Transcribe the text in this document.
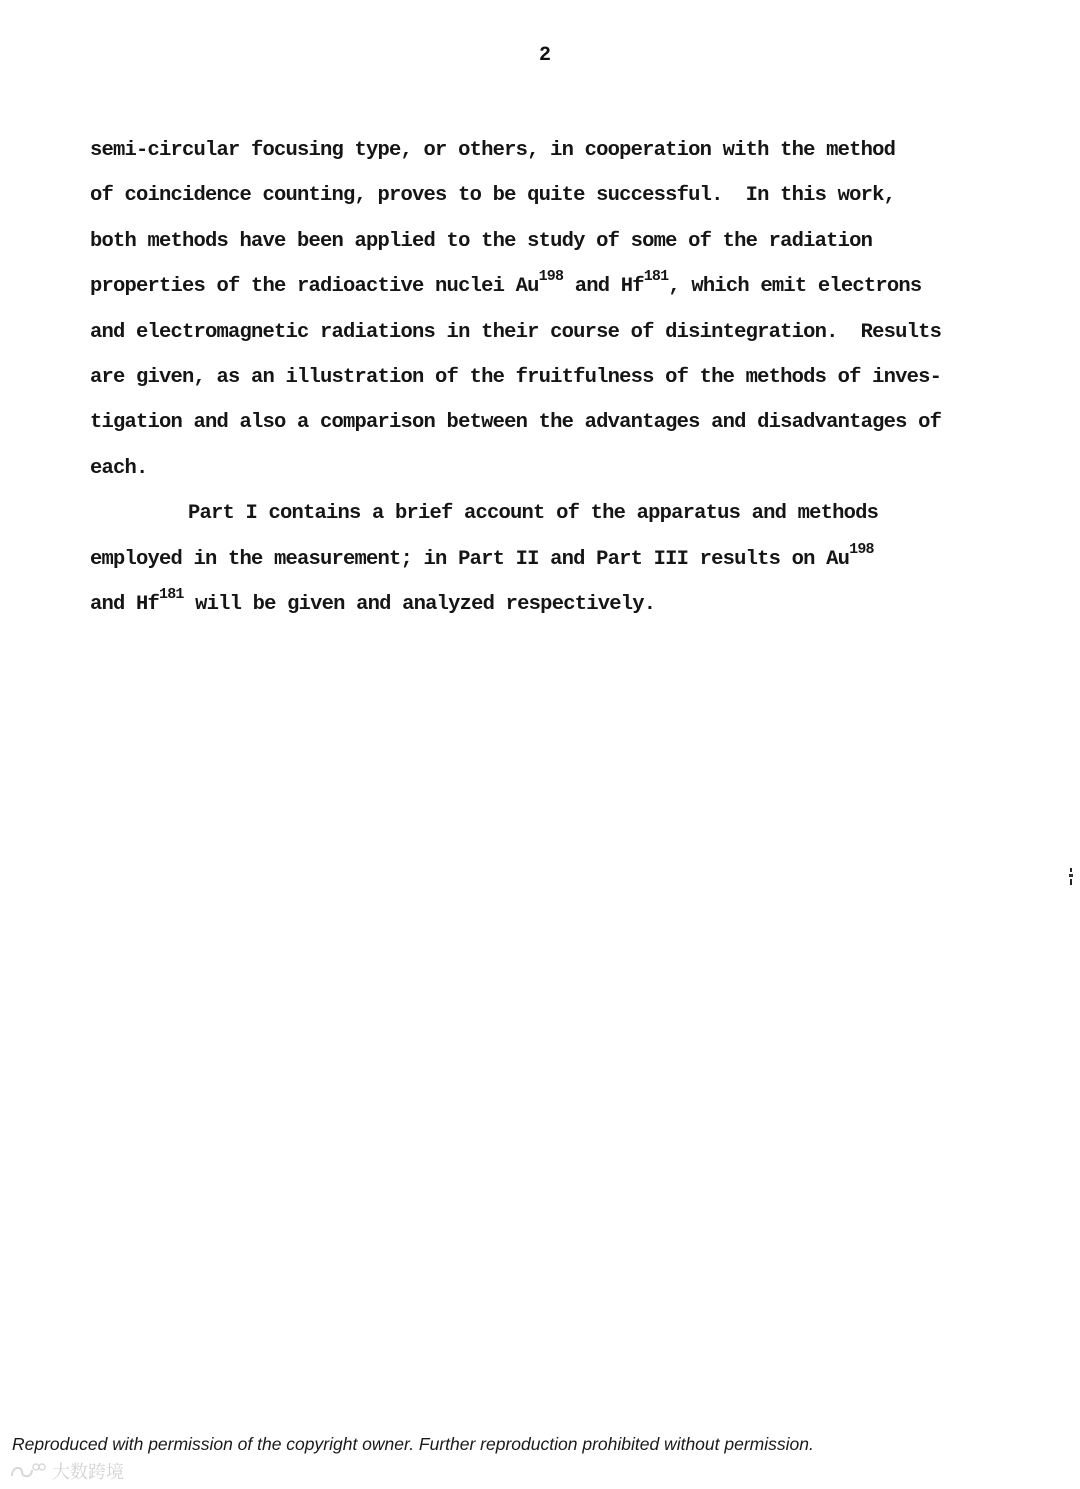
2
semi-circular focusing type, or others, in cooperation with the method
of coincidence counting, proves to be quite successful.  In this work,
both methods have been applied to the study of some of the radiation
properties of the radioactive nuclei Au$^{198}$ and Hf$^{181}$, which emit electrons
and electromagnetic radiations in their course of disintegration.  Results
are given, as an illustration of the fruitfulness of the methods of inves-
tigation and also a comparison between the advantages and disadvantages of
each.
Part I contains a brief account of the apparatus and methods
employed in the measurement; in Part II and Part III results on Au$^{198}$
and Hf$^{181}$ will be given and analyzed respectively.
Reproduced with permission of the copyright owner. Further reproduction prohibited without permission.
大数跨境
